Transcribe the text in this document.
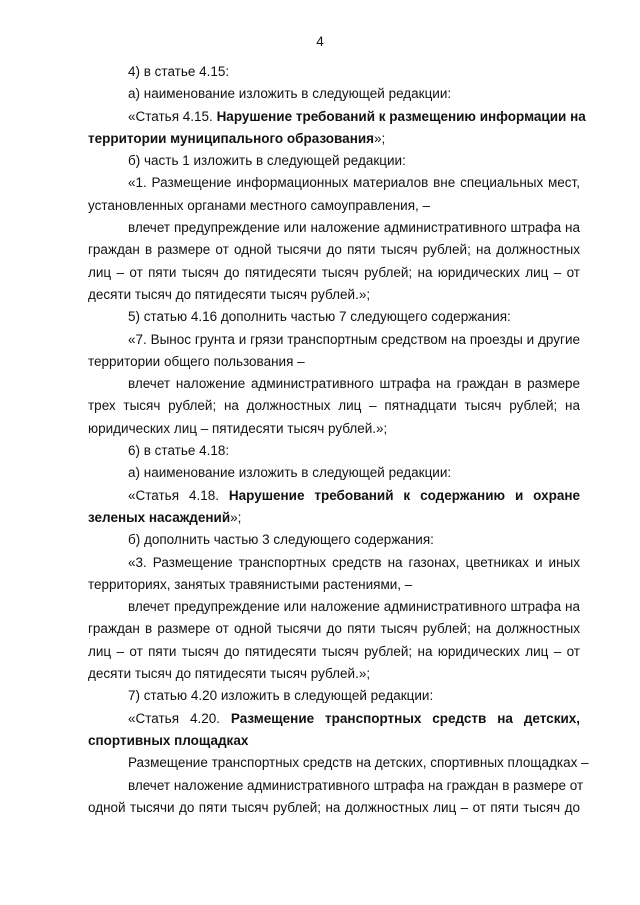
4
4) в статье 4.15:
а) наименование изложить в следующей редакции:
«Статья 4.15. Нарушение требований к размещению информации на
территории муниципального образования»;
б) часть 1 изложить в следующей редакции:
«1. Размещение информационных материалов вне специальных мест,
установленных органами местного самоуправления, –
влечет предупреждение или наложение административного штрафа на
граждан в размере от одной тысячи до пяти тысяч рублей; на должностных
лиц – от пяти тысяч до пятидесяти тысяч рублей; на юридических лиц – от
десяти тысяч до пятидесяти тысяч рублей.»;
5) статью 4.16 дополнить частью 7 следующего содержания:
«7. Вынос грунта и грязи транспортным средством на проезды и другие
территории общего пользования –
влечет наложение административного штрафа на граждан в размере
трех тысяч рублей; на должностных лиц – пятнадцати тысяч рублей; на
юридических лиц – пятидесяти тысяч рублей.»;
6) в статье 4.18:
а) наименование изложить в следующей редакции:
«Статья 4.18. Нарушение требований к содержанию и охране
зеленых насаждений»;
б) дополнить частью 3 следующего содержания:
«3. Размещение транспортных средств на газонах, цветниках и иных
территориях, занятых травянистыми растениями, –
влечет предупреждение или наложение административного штрафа на
граждан в размере от одной тысячи до пяти тысяч рублей; на должностных
лиц – от пяти тысяч до пятидесяти тысяч рублей; на юридических лиц – от
десяти тысяч до пятидесяти тысяч рублей.»;
7) статью 4.20 изложить в следующей редакции:
«Статья 4.20. Размещение транспортных средств на детских,
спортивных площадках
Размещение транспортных средств на детских, спортивных площадках –
влечет наложение административного штрафа на граждан в размере от
одной тысячи до пяти тысяч рублей; на должностных лиц – от пяти тысяч до
